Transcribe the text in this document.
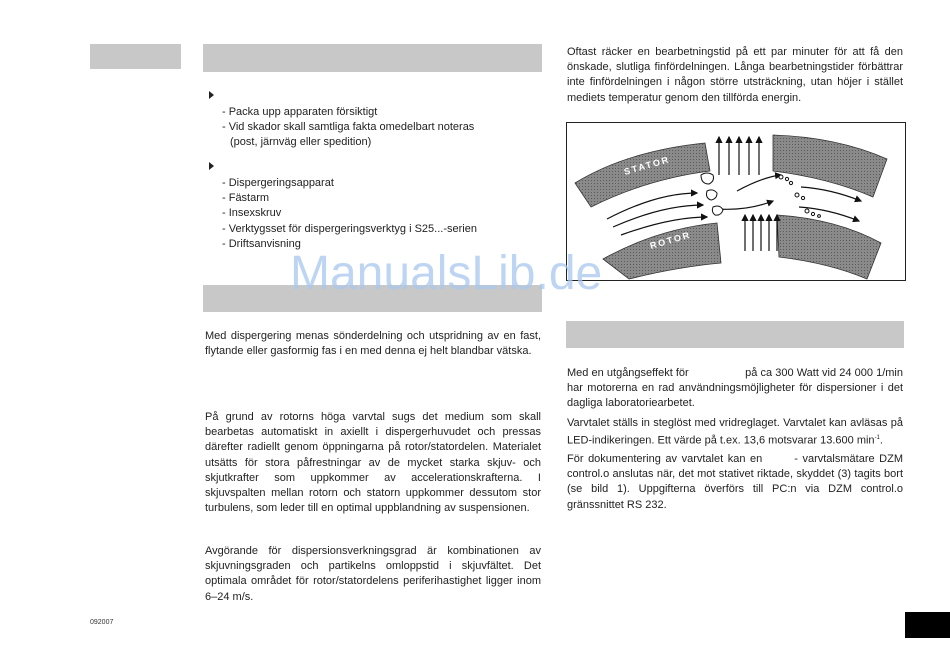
- Packa upp apparaten försiktigt
- Vid skador skall samtliga fakta omedelbart noteras
(post, järnväg eller spedition)
- Dispergeringsapparat
- Fästarm
- Insexskruv
- Verktygsset för dispergeringsverktyg i S25...-serien
- Driftsanvisning
Med dispergering menas sönderdelning och utspridning av en fast, flytande eller gasformig fas i en med denna ej helt blandbar vätska.
På grund av rotorns höga varvtal sugs det medium som skall bearbetas automatiskt in axiellt i dispergerhuvudet och pressas därefter radiellt genom öppningarna på rotor/statordelen. Materialet utsätts för stora påfrestningar av de mycket starka skjuv- och skjutkrafter som uppkommer av accelerationskrafterna. I skjuvspalten mellan rotorn och statorn uppkommer dessutom stor turbulens, som leder till en optimal uppblandning av suspensionen.
Avgörande för dispersionsverkningsgrad är kombinationen av skjuvningsgraden och partikelns omloppstid i skjuvfältet. Det optimala området för rotor/statordelens periferihastighet ligger inom 6–24 m/s.
092007
Oftast räcker en bearbetningstid på ett par minuter för att få den önskade, slutliga finfördelningen. Långa bearbetningstider förbättrar inte finfördelningen i någon större utsträckning, utan höjer i stället mediets temperatur genom den tillförda energin.
STATOR
ROTOR
Med en utgångseffekt för                  på ca 300 Watt vid 24 000 1/min har motorerna en rad användningsmöjligheter för dispersioner i det dagliga laboratoriearbetet.
Varvtalet ställs in steglöst med vridreglaget. Varvtalet kan avläsas på LED-indikeringen. Ett värde på t.ex. 13,6 motsvarar 13.600 $\min^{-1}$.
För dokumentering av varvtalet kan en       - varvtalsmätare DZM control.o anslutas när, det mot stativet riktade, skyddet (3) tagits bort (se bild 1). Uppgifterna överförs till PC:n via DZM control.o gränssnittet RS 232.
ManualsLib.de
